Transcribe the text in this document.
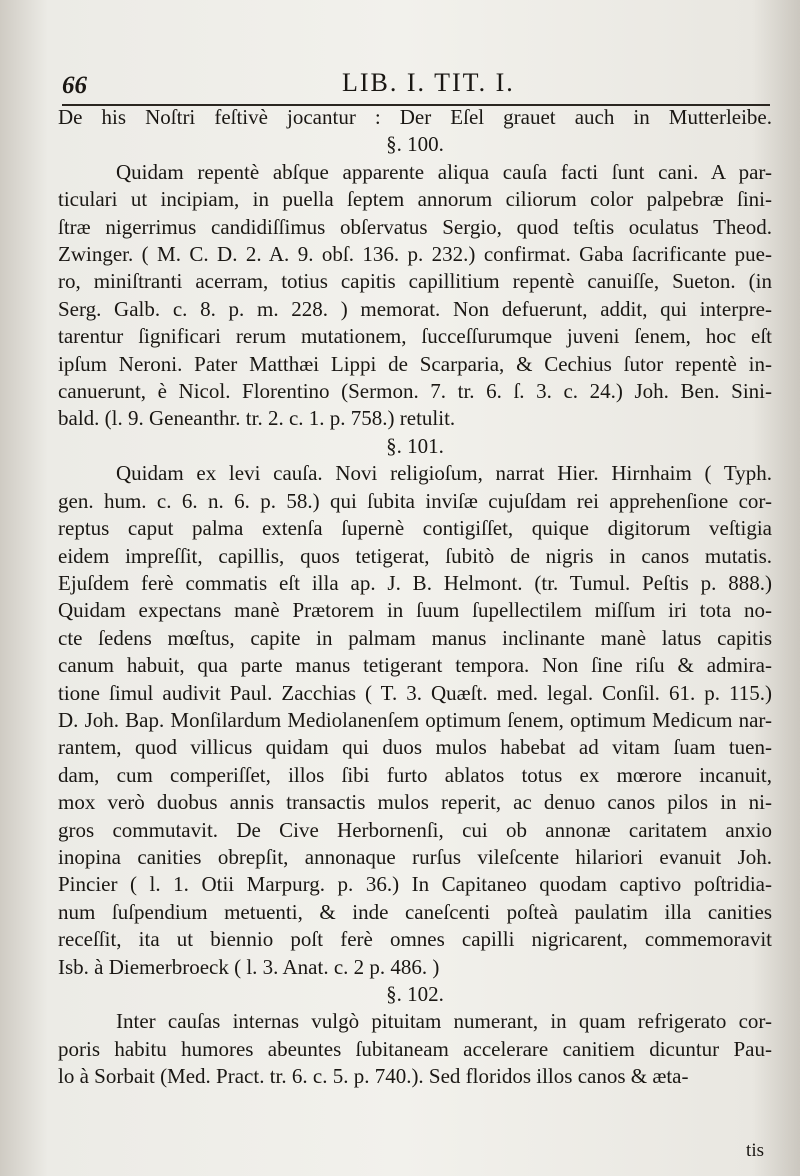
66	LIB. I. TIT. I.
De his Noſtri feſtivè jocantur : Der Eſel grauet auch in Mutterleibe.
§. 100.
Quidam repentè abſque apparente aliqua cauſa facti ſunt cani. A par-
ticulari ut incipiam, in puella ſeptem annorum ciliorum color palpebræ ſini-
ſtræ nigerrimus candidiſſimus obſervatus Sergio, quod teſtis oculatus Theod.
Zwinger. ( M. C. D. 2. A. 9. obſ. 136. p. 232.) confirmat. Gaba ſacrificante pue-
ro, miniſtranti acerram, totius capitis capillitium repentè canuiſſe, Sueton. (in
Serg. Galb. c. 8. p. m. 228. ) memorat. Non defuerunt, addit, qui interpre-
tarentur ſignificari rerum mutationem, ſucceſſurumque juveni ſenem, hoc eſt
ipſum Neroni. Pater Matthæi Lippi de Scarparia, & Cechius ſutor repentè in-
canuerunt, è Nicol. Florentino (Sermon. 7. tr. 6. ſ. 3. c. 24.) Joh. Ben. Sini-
bald. (l. 9. Geneanthr. tr. 2. c. 1. p. 758.) retulit.
§. 101.
Quidam ex levi cauſa. Novi religioſum, narrat Hier. Hirnhaim ( Typh.
gen. hum. c. 6. n. 6. p. 58.) qui ſubita inviſæ cujuſdam rei apprehenſione cor-
reptus caput palma extenſa ſupernè contigiſſet, quique digitorum veſtigia
eidem impreſſit, capillis, quos tetigerat, ſubitò de nigris in canos mutatis.
Ejuſdem ferè commatis eſt illa ap. J. B. Helmont. (tr. Tumul. Peſtis p. 888.)
Quidam expectans manè Prætorem in ſuum ſupellectilem miſſum iri tota no-
cte ſedens mœſtus, capite in palmam manus inclinante manè latus capitis
canum habuit, qua parte manus tetigerant tempora. Non ſine riſu & admira-
tione ſimul audivit Paul. Zacchias ( T. 3. Quæſt. med. legal. Conſil. 61. p. 115.)
D. Joh. Bap. Monſilardum Mediolanenſem optimum ſenem, optimum Medicum nar-
rantem, quod villicus quidam qui duos mulos habebat ad vitam ſuam tuen-
dam, cum comperiſſet, illos ſibi furto ablatos totus ex mœrore incanuit,
mox verò duobus annis transactis mulos reperit, ac denuo canos pilos in ni-
gros commutavit. De Cive Herbornenſi, cui ob annonæ caritatem anxio
inopina canities obrepſit, annonaque rurſus vileſcente hilariori evanuit Joh.
Pincier ( l. 1. Otii Marpurg. p. 36.) In Capitaneo quodam captivo poſtridia-
num ſuſpendium metuenti, & inde caneſcenti poſteà paulatim illa canities
receſſit, ita ut biennio poſt ferè omnes capilli nigricarent, commemoravit
Isb. à Diemerbroeck ( l. 3. Anat. c. 2 p. 486. )
§. 102.
Inter cauſas internas vulgò pituitam numerant, in quam refrigerato cor-
poris habitu humores abeuntes ſubitaneam accelerare canitiem dicuntur Pau-
lo à Sorbait (Med. Pract. tr. 6. c. 5. p. 740.). Sed floridos illos canos & æta-
tis
